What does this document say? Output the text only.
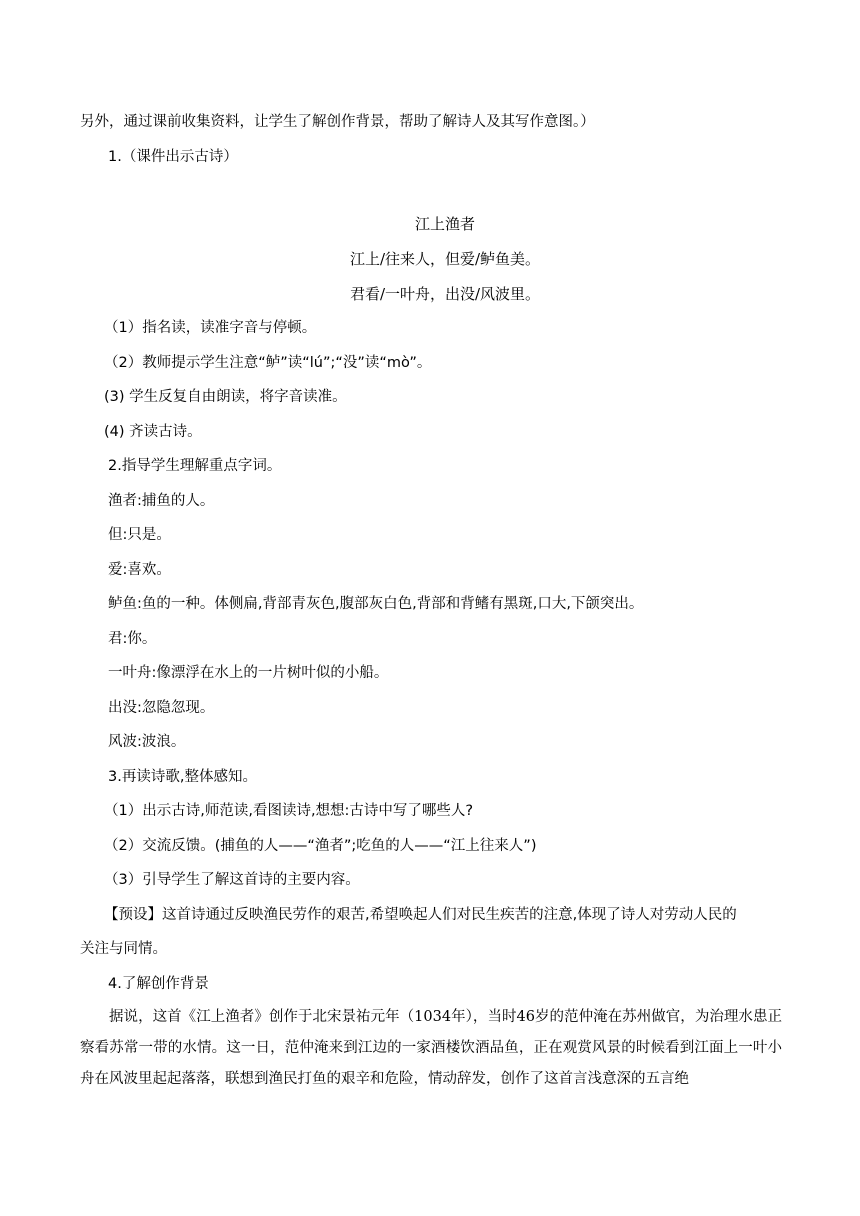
另外，通过课前收集资料，让学生了解创作背景，帮助了解诗人及其写作意图。）
1.（课件出示古诗）
江上渔者
江上/往来人，但爱/鲈鱼美。
君看/一叶舟，出没/风波里。
（1）指名读，读准字音与停顿。
（2）教师提示学生注意“鲈”读“lú”;“没”读“mò”。
(3) 学生反复自由朗读，将字音读准。
(4) 齐读古诗。
2.指导学生理解重点字词。
渔者:捕鱼的人。
但:只是。
爱:喜欢。
鲈鱼:鱼的一种。体侧扁,背部青灰色,腹部灰白色,背部和背鳍有黑斑,口大,下颌突出。
君:你。
一叶舟:像漂浮在水上的一片树叶似的小船。
出没:忽隐忽现。
风波:波浪。
3.再读诗歌,整体感知。
（1）出示古诗,师范读,看图读诗,想想:古诗中写了哪些人?
（2）交流反馈。(捕鱼的人——“渔者”;吃鱼的人——“江上往来人”)
（3）引导学生了解这首诗的主要内容。
【预设】这首诗通过反映渔民劳作的艰苦,希望唤起人们对民生疾苦的注意,体现了诗人对劳动人民的
关注与同情。
4.了解创作背景
据说，这首《江上渔者》创作于北宋景祐元年（1034年），当时46岁的范仲淹在苏州做官，为治理水患正察看苏常一带的水情。这一日，范仲淹来到江边的一家酒楼饮酒品鱼，正在观赏风景的时候看到江面上一叶小舟在风波里起起落落，联想到渔民打鱼的艰辛和危险，情动辞发，创作了这首言浅意深的五言绝
